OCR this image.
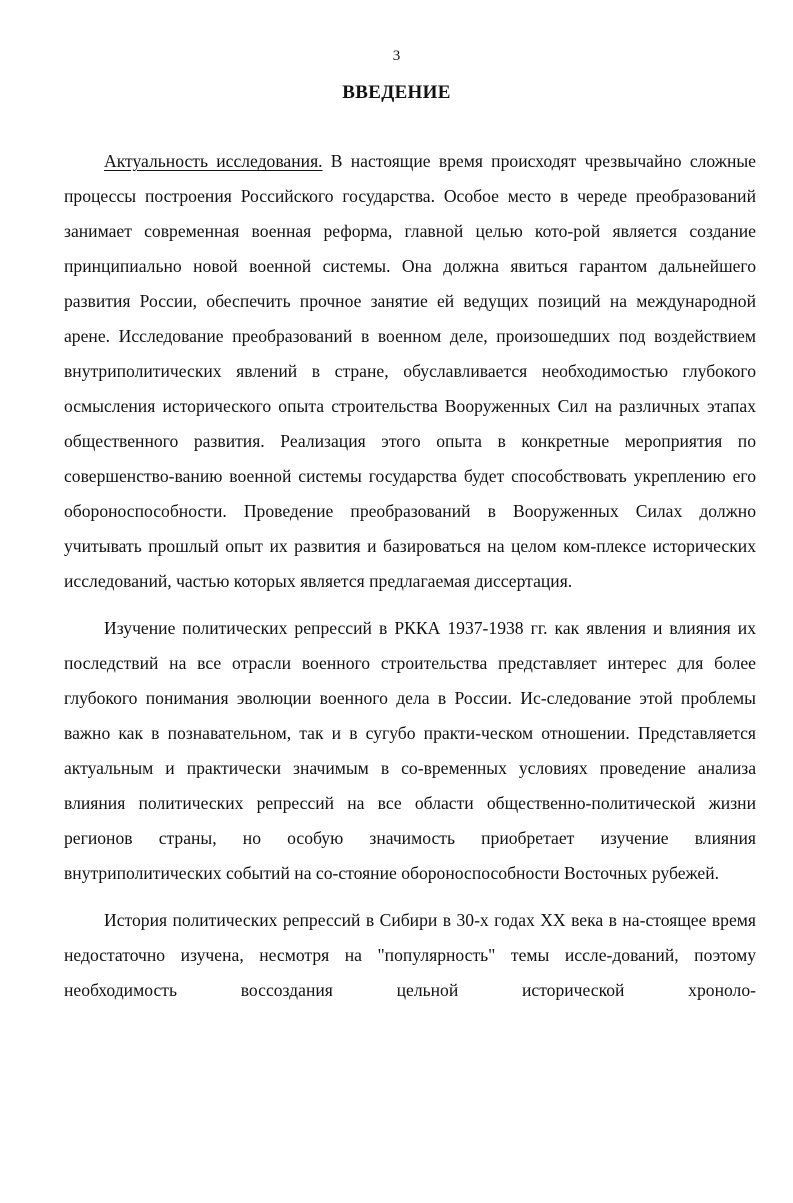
3
ВВЕДЕНИЕ

Актуальность исследования. В настоящие время происходят чрезвычайно сложные процессы построения Российского государства. Особое место в череде преобразований занимает современная военная реформа, главной целью кото-рой является создание принципиально новой военной системы. Она должна явиться гарантом дальнейшего развития России, обеспечить прочное занятие ей ведущих позиций на международной арене. Исследование преобразований в военном деле, произошедших под воздействием внутриполитических явлений в стране, обуславливается необходимостью глубокого осмысления исторического опыта строительства Вооруженных Сил на различных этапах общественного развития. Реализация этого опыта в конкретные мероприятия по совершенство-ванию военной системы государства будет способствовать укреплению его обороноспособности. Проведение преобразований в Вооруженных Силах должно учитывать прошлый опыт их развития и базироваться на целом ком-плексе исторических исследований, частью которых является предлагаемая диссертация.

Изучение политических репрессий в РККА 1937-1938 гг. как явления и влияния их последствий на все отрасли военного строительства представляет интерес для более глубокого понимания эволюции военного дела в России. Ис-следование этой проблемы важно как в познавательном, так и в сугубо практи-ческом отношении. Представляется актуальным и практически значимым в со-временных условиях проведение анализа влияния политических репрессий на все области общественно-политической жизни регионов страны, но особую значимость приобретает изучение влияния внутриполитических событий на со-стояние обороноспособности Восточных рубежей.

История политических репрессий в Сибири в 30-х годах XX века в на-стоящее время недостаточно изучена, несмотря на "популярность" темы иссле-дований, поэтому необходимость воссоздания цельной исторической хроноло-
